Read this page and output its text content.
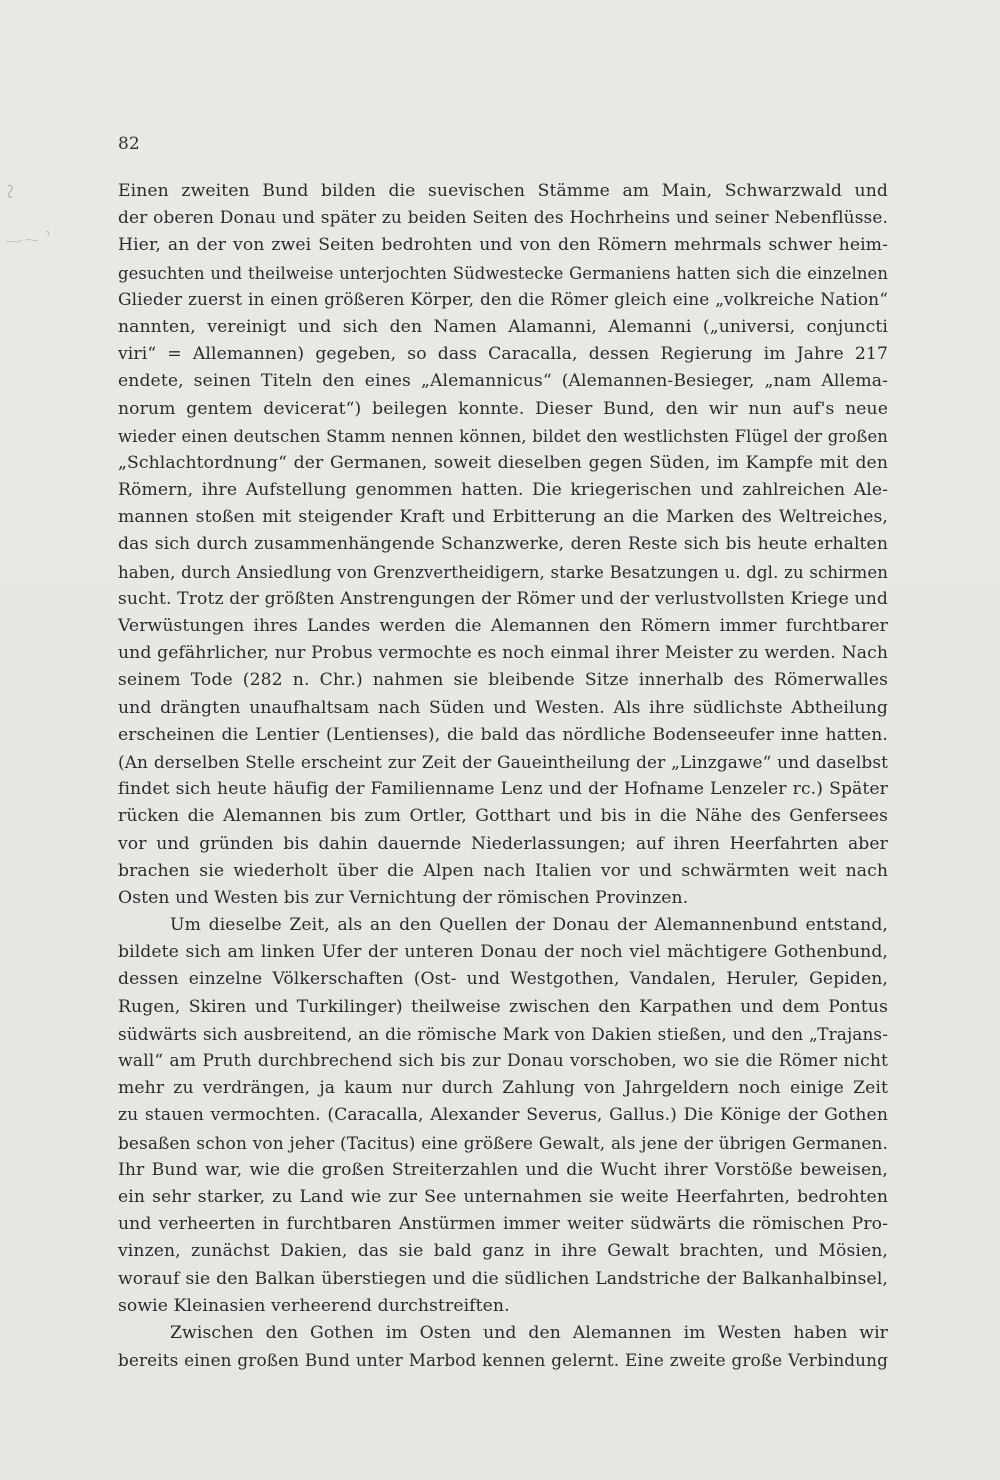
82
Einen zweiten Bund bilden die suevischen Stämme am Main, Schwarzwald und
der oberen Donau und später zu beiden Seiten des Hochrheins und seiner Nebenflüsse.
Hier, an der von zwei Seiten bedrohten und von den Römern mehrmals schwer heim-
gesuchten und theilweise unterjochten Südwestecke Germaniens hatten sich die einzelnen
Glieder zuerst in einen größeren Körper, den die Römer gleich eine „volkreiche Nation“
nannten, vereinigt und sich den Namen Alamanni, Alemanni („universi, conjuncti
viri“ = Allemannen) gegeben, so dass Caracalla, dessen Regierung im Jahre 217
endete, seinen Titeln den eines „Alemannicus“ (Alemannen-Besieger, „nam Allema-
norum gentem devicerat“) beilegen konnte. Dieser Bund, den wir nun auf's neue
wieder einen deutschen Stamm nennen können, bildet den westlichsten Flügel der großen
„Schlachtordnung“ der Germanen, soweit dieselben gegen Süden, im Kampfe mit den
Römern, ihre Aufstellung genommen hatten. Die kriegerischen und zahlreichen Ale-
mannen stoßen mit steigender Kraft und Erbitterung an die Marken des Weltreiches,
das sich durch zusammenhängende Schanzwerke, deren Reste sich bis heute erhalten
haben, durch Ansiedlung von Grenzvertheidigern, starke Besatzungen u. dgl. zu schirmen
sucht. Trotz der größten Anstrengungen der Römer und der verlustvollsten Kriege und
Verwüstungen ihres Landes werden die Alemannen den Römern immer furchtbarer
und gefährlicher, nur Probus vermochte es noch einmal ihrer Meister zu werden. Nach
seinem Tode (282 n. Chr.) nahmen sie bleibende Sitze innerhalb des Römerwalles
und drängten unaufhaltsam nach Süden und Westen. Als ihre südlichste Abtheilung
erscheinen die Lentier (Lentienses), die bald das nördliche Bodenseeufer inne hatten.
(An derselben Stelle erscheint zur Zeit der Gaueintheilung der „Linzgawe“ und daselbst
findet sich heute häufig der Familienname Lenz und der Hofname Lenzeler rc.) Später
rücken die Alemannen bis zum Ortler, Gotthart und bis in die Nähe des Genfersees
vor und gründen bis dahin dauernde Niederlassungen; auf ihren Heerfahrten aber
brachen sie wiederholt über die Alpen nach Italien vor und schwärmten weit nach
Osten und Westen bis zur Vernichtung der römischen Provinzen.
Um dieselbe Zeit, als an den Quellen der Donau der Alemannenbund entstand,
bildete sich am linken Ufer der unteren Donau der noch viel mächtigere Gothenbund,
dessen einzelne Völkerschaften (Ost- und Westgothen, Vandalen, Heruler, Gepiden,
Rugen, Skiren und Turkilinger) theilweise zwischen den Karpathen und dem Pontus
südwärts sich ausbreitend, an die römische Mark von Dakien stießen, und den „Trajans-
wall“ am Pruth durchbrechend sich bis zur Donau vorschoben, wo sie die Römer nicht
mehr zu verdrängen, ja kaum nur durch Zahlung von Jahrgeldern noch einige Zeit
zu stauen vermochten. (Caracalla, Alexander Severus, Gallus.) Die Könige der Gothen
besaßen schon von jeher (Tacitus) eine größere Gewalt, als jene der übrigen Germanen.
Ihr Bund war, wie die großen Streiterzahlen und die Wucht ihrer Vorstöße beweisen,
ein sehr starker, zu Land wie zur See unternahmen sie weite Heerfahrten, bedrohten
und verheerten in furchtbaren Anstürmen immer weiter südwärts die römischen Pro-
vinzen, zunächst Dakien, das sie bald ganz in ihre Gewalt brachten, und Mösien,
worauf sie den Balkan überstiegen und die südlichen Landstriche der Balkanhalbinsel,
sowie Kleinasien verheerend durchstreiften.
Zwischen den Gothen im Osten und den Alemannen im Westen haben wir
bereits einen großen Bund unter Marbod kennen gelernt. Eine zweite große Verbindung
